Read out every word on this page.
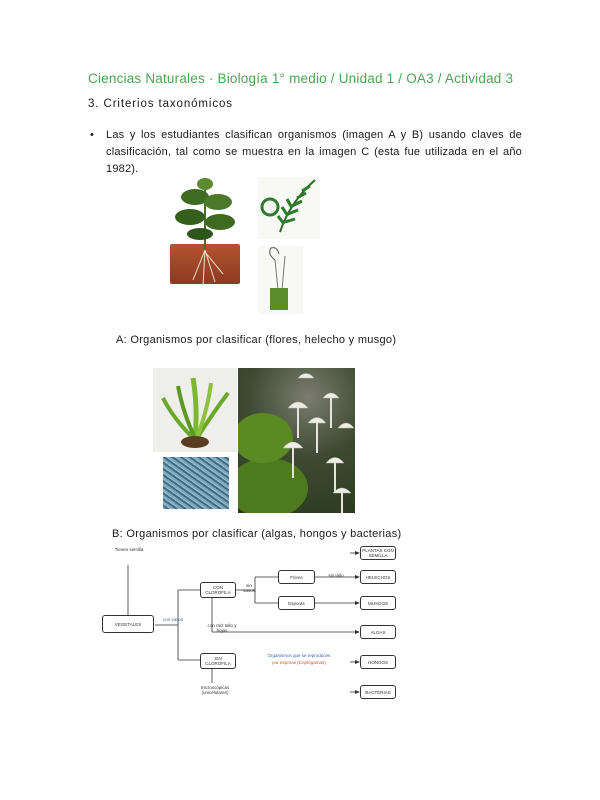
Ciencias Naturales · Biología 1° medio / Unidad 1 / OA3 / Actividad 3
3. Criterios taxonómicos
• Las y los estudiantes clasifican organismos (imagen A y B) usando claves de clasificación, tal como se muestra en la imagen C (esta fue utilizada en el año 1982).
A: Organismos por clasificar (flores, helecho y musgo)
B: Organismos por clasificar (algas, hongos y bacterias)
Tienen semilla
VEGETALES
con vasos
CON CLOROFILA
SIN CLOROFILA
con raíz tallo y hojas
sin vasos
microscópicas (unicelulares)
Flores
Esporas
sin tallo
Organismos que se reproducen
por esporas (Criptógamas)
PLANTAS CON SEMILLA
HELECHOS
MUSGOS
ALGAS
HONGOS
BACTERIAS
